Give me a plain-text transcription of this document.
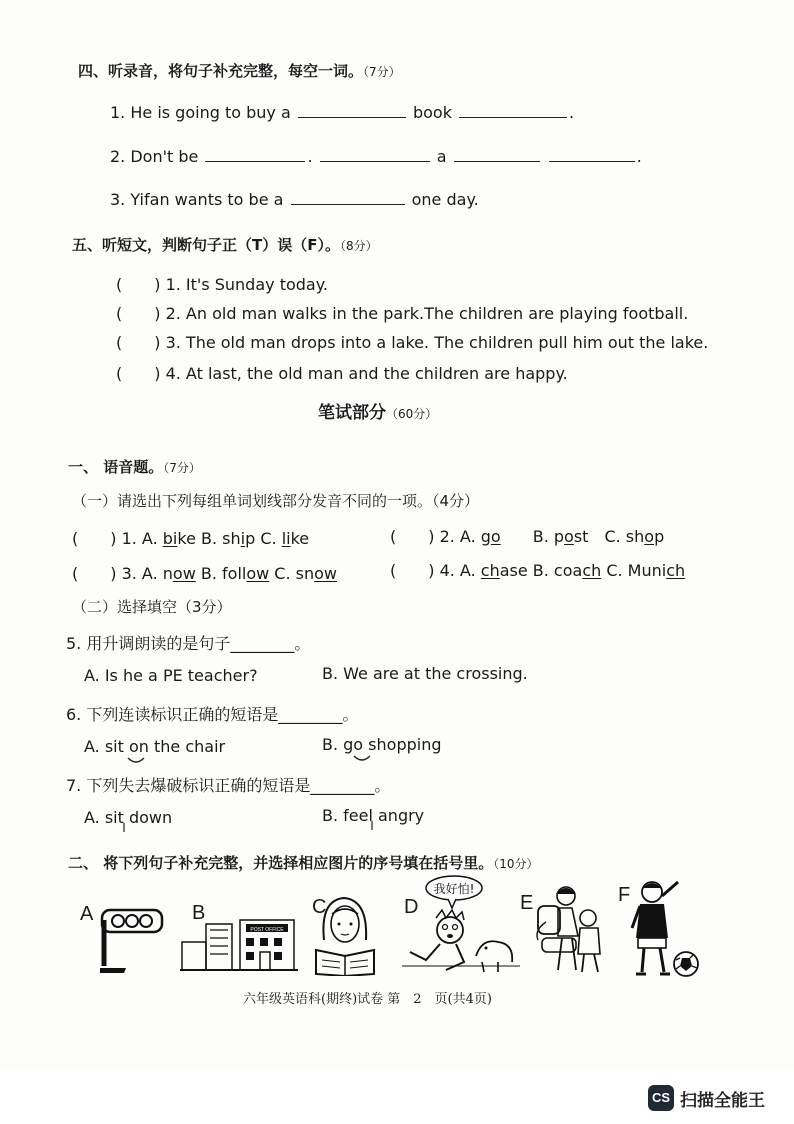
四、听录音，将句子补充完整，每空一词。（7分）
1. He is going to buy a	book	.
2. Don't be	.	a	.
3. Yifan wants to be a	one day.
五、听短文，判断句子正（T）误（F）。（8分）
(　　) 1. It's Sunday today.
(　　) 2. An old man walks in the park.The children are playing football.
(　　) 3. The old man drops into a lake. The children pull him out the lake.
(　　) 4. At last, the old man and the children are happy.
笔试部分（60分）
一、 语音题。（7分）
（一）请选出下列每组单词划线部分发音不同的一项。（4分）
(　　) 1. A. bike B. ship C. like	(　　) 2. A. go　　B. post　C. shop
(　　) 3. A. now B. follow C. snow	(　　) 4. A. chase B. coach C. Munich
（二）选择填空（3分）
5. 用升调朗读的是句子________。
A. Is he a PE teacher?	B. We are at the crossing.
6. 下列连读标识正确的短语是________。
A. sit on the chair	B. go shopping
7. 下列失去爆破标识正确的短语是________。
A. sit down	B. feel angry
二、 将下列句子补充完整，并选择相应图片的序号填在括号里。（10分）
A	B
POST OFFICE
C	D
我好怕!
E	F
六年级英语科(期终)试卷 第　2　页(共4页)
CS 扫描全能王
